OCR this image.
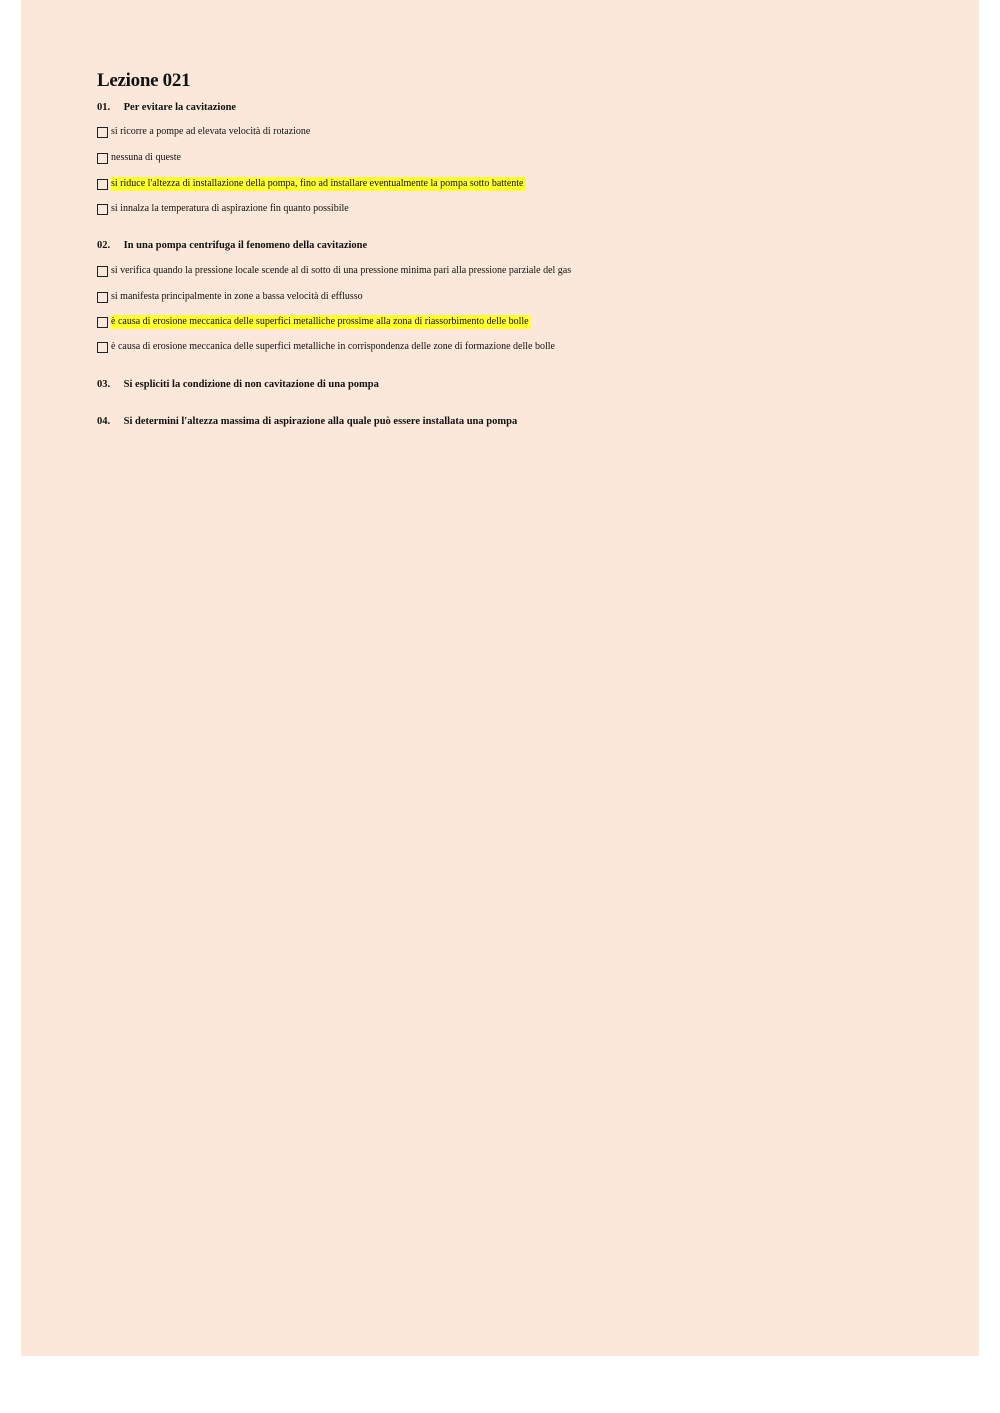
Lezione 021
01. Per evitare la cavitazione
si ricorre a pompe ad elevata velocità di rotazione
nessuna di queste
si riduce l'altezza di installazione della pompa, fino ad installare eventualmente la pompa sotto battente
si innalza la temperatura di aspirazione fin quanto possibile
02. In una pompa centrifuga il fenomeno della cavitazione
si verifica quando la pressione locale scende al di sotto di una pressione minima pari alla pressione parziale del gas
si manifesta principalmente in zone a bassa velocità di efflusso
è causa di erosione meccanica delle superfici metalliche prossime alla zona di riassorbimento delle bolle
è causa di erosione meccanica delle superfici metalliche in corrispondenza delle zone di formazione delle bolle
03. Si espliciti la condizione di non cavitazione di una pompa
04. Si determini l'altezza massima di aspirazione alla quale può essere installata una pompa
